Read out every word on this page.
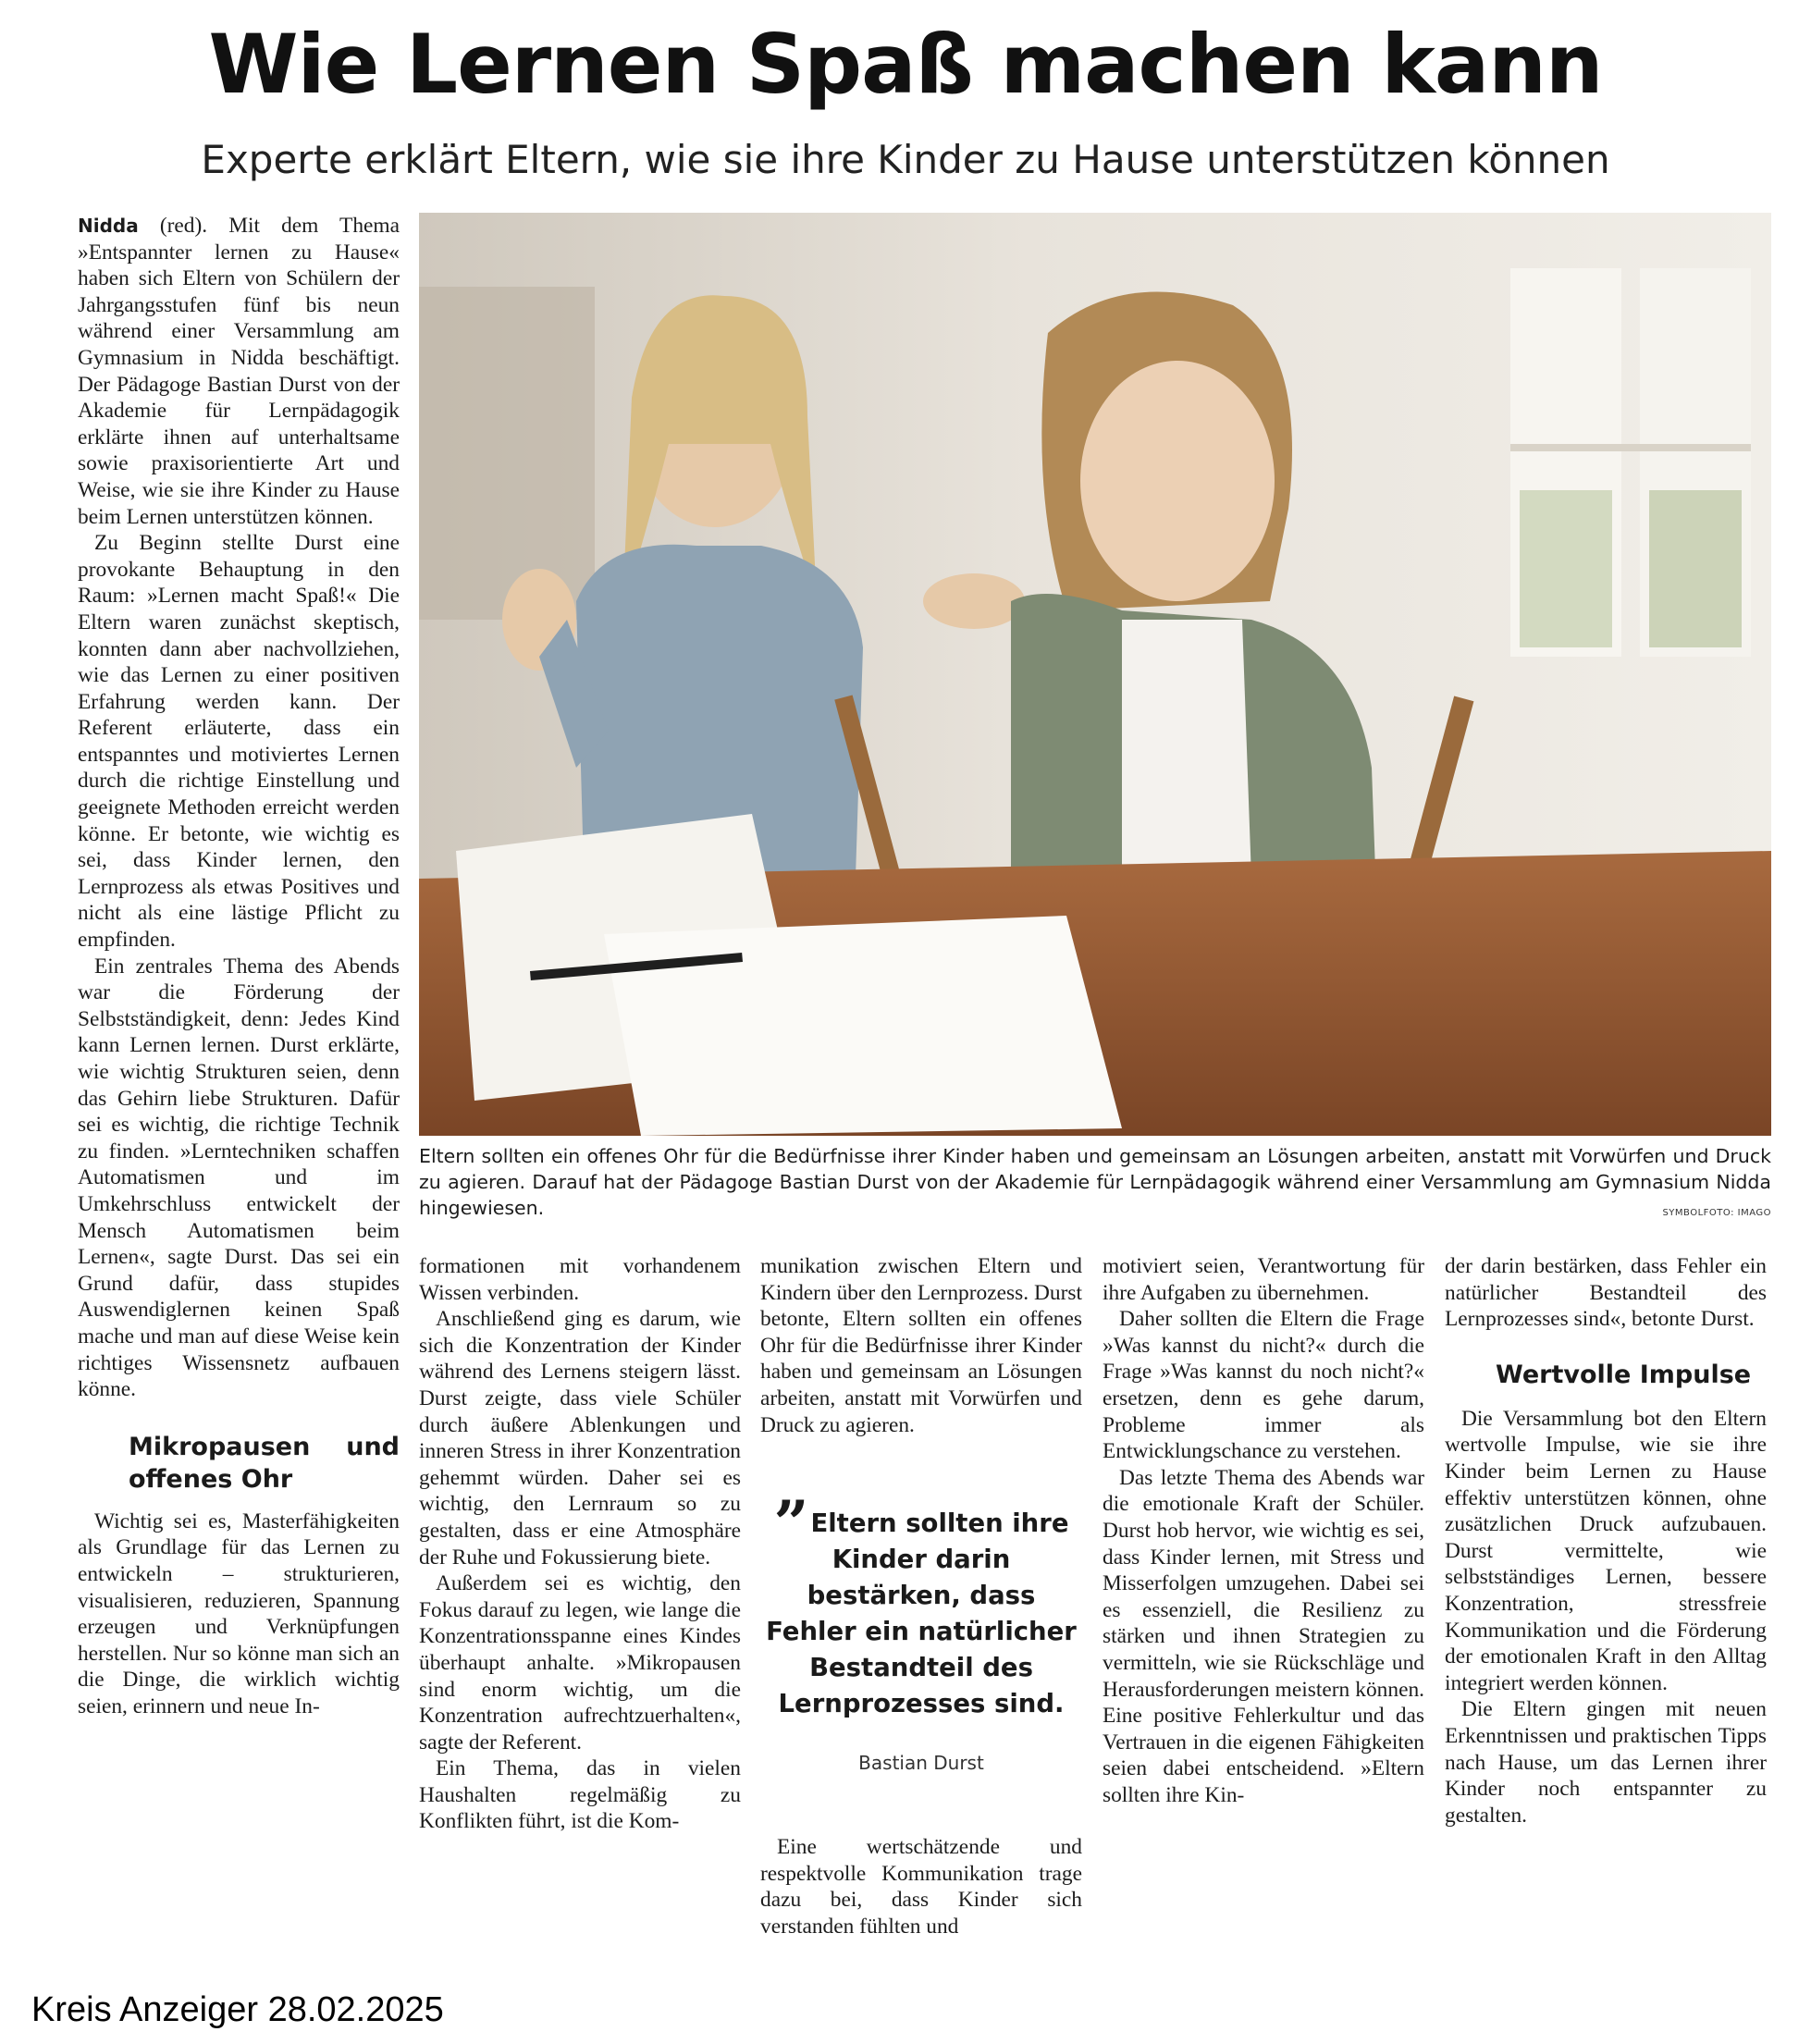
Wie Lernen Spaß machen kann
Experte erklärt Eltern, wie sie ihre Kinder zu Hause unterstützen können

Nidda (red). Mit dem Thema »Entspannter lernen zu Hause« haben sich Eltern von Schülern der Jahrgangsstufen fünf bis neun während einer Versammlung am Gymnasium in Nidda beschäftigt. Der Pädagoge Bastian Durst von der Akademie für Lernpädagogik erklärte ihnen auf unterhaltsame sowie praxisorientierte Art und Weise, wie sie ihre Kinder zu Hause beim Lernen unterstützen können.

Zu Beginn stellte Durst eine provokante Behauptung in den Raum: »Lernen macht Spaß!« Die Eltern waren zunächst skeptisch, konnten dann aber nachvollziehen, wie das Lernen zu einer positiven Erfahrung werden kann. Der Referent erläuterte, dass ein entspanntes und motiviertes Lernen durch die richtige Einstellung und geeignete Methoden erreicht werden könne. Er betonte, wie wichtig es sei, dass Kinder lernen, den Lernprozess als etwas Positives und nicht als eine lästige Pflicht zu empfinden.

Ein zentrales Thema des Abends war die Förderung der Selbstständigkeit, denn: Jedes Kind kann Lernen lernen. Durst erklärte, wie wichtig Strukturen seien, denn das Gehirn liebe Strukturen. Dafür sei es wichtig, die richtige Technik zu finden. »Lerntechniken schaffen Automatismen und im Umkehrschluss entwickelt der Mensch Automatismen beim Lernen«, sagte Durst. Das sei ein Grund dafür, dass stupides Auswendiglernen keinen Spaß mache und man auf diese Weise kein richtiges Wissensnetz aufbauen könne.

Mikropausen und offenes Ohr

Wichtig sei es, Masterfähigkeiten als Grundlage für das Lernen zu entwickeln – strukturieren, visualisieren, reduzieren, Spannung erzeugen und Verknüpfungen herstellen. Nur so könne man sich an die Dinge, die wirklich wichtig seien, erinnern und neue In-

Eltern sollten ein offenes Ohr für die Bedürfnisse ihrer Kinder haben und gemeinsam an Lösungen arbeiten, anstatt mit Vorwürfen und Druck zu agieren. Darauf hat der Pädagoge Bastian Durst von der Akademie für Lernpädagogik während einer Versammlung am Gymnasium Nidda hingewiesen.	SYMBOLFOTO: IMAGO

formationen mit vorhandenem Wissen verbinden.

Anschließend ging es darum, wie sich die Konzentration der Kinder während des Lernens steigern lässt. Durst zeigte, dass viele Schüler durch äußere Ablenkungen und inneren Stress in ihrer Konzentration gehemmt würden. Daher sei es wichtig, den Lernraum so zu gestalten, dass er eine Atmosphäre der Ruhe und Fokussierung biete.

Außerdem sei es wichtig, den Fokus darauf zu legen, wie lange die Konzentrationsspanne eines Kindes überhaupt anhalte. »Mikropausen sind enorm wichtig, um die Konzentration aufrechtzuerhalten«, sagte der Referent.

Ein Thema, das in vielen Haushalten regelmäßig zu Konflikten führt, ist die Kom-

munikation zwischen Eltern und Kindern über den Lernprozess. Durst betonte, Eltern sollten ein offenes Ohr für die Bedürfnisse ihrer Kinder haben und gemeinsam an Lösungen arbeiten, anstatt mit Vorwürfen und Druck zu agieren.

” Eltern sollten ihre Kinder darin bestärken, dass Fehler ein natürlicher Bestandteil des Lernprozesses sind.
Bastian Durst

Eine wertschätzende und respektvolle Kommunikation trage dazu bei, dass Kinder sich verstanden fühlten und

motiviert seien, Verantwortung für ihre Aufgaben zu übernehmen.

Daher sollten die Eltern die Frage »Was kannst du nicht?« durch die Frage »Was kannst du noch nicht?« ersetzen, denn es gehe darum, Probleme immer als Entwicklungschance zu verstehen.

Das letzte Thema des Abends war die emotionale Kraft der Schüler. Durst hob hervor, wie wichtig es sei, dass Kinder lernen, mit Stress und Misserfolgen umzugehen. Dabei sei es essenziell, die Resilienz zu stärken und ihnen Strategien zu vermitteln, wie sie Rückschläge und Herausforderungen meistern können. Eine positive Fehlerkultur und das Vertrauen in die eigenen Fähigkeiten seien dabei entscheidend. »Eltern sollten ihre Kin-

der darin bestärken, dass Fehler ein natürlicher Bestandteil des Lernprozesses sind«, betonte Durst.

Wertvolle Impulse

Die Versammlung bot den Eltern wertvolle Impulse, wie sie ihre Kinder beim Lernen zu Hause effektiv unterstützen können, ohne zusätzlichen Druck aufzubauen. Durst vermittelte, wie selbstständiges Lernen, bessere Konzentration, stressfreie Kommunikation und die Förderung der emotionalen Kraft in den Alltag integriert werden können.

Die Eltern gingen mit neuen Erkenntnissen und praktischen Tipps nach Hause, um das Lernen ihrer Kinder noch entspannter zu gestalten.

Kreis Anzeiger 28.02.2025
